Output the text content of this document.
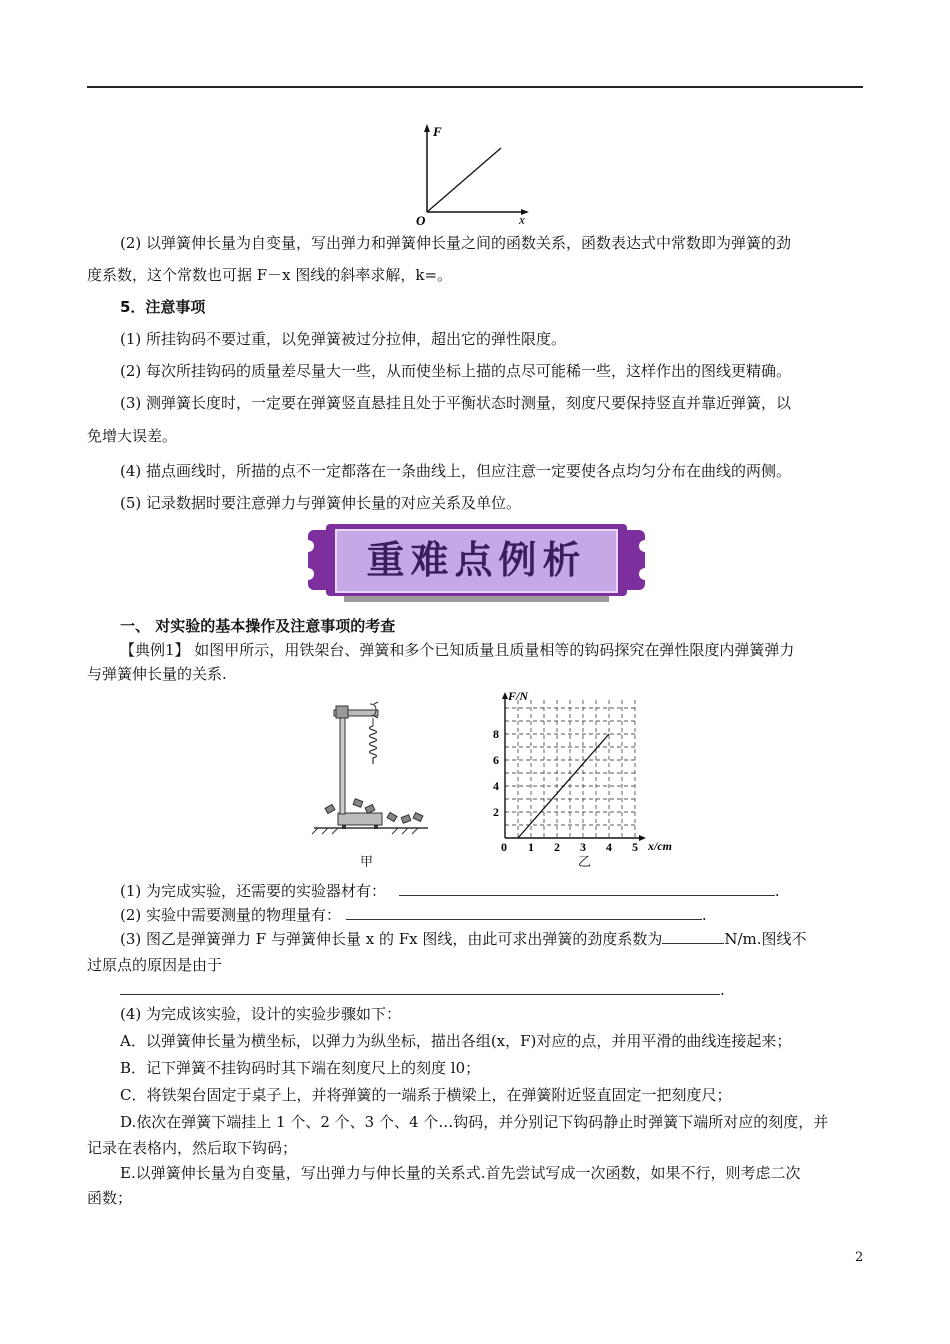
F
x
O
(2) 以弹簧伸长量为自变量，写出弹力和弹簧伸长量之间的函数关系，函数表达式中常数即为弹簧的劲
度系数，这个常数也可据 F－x 图线的斜率求解，k=。
5．注意事项
(1) 所挂钩码不要过重，以免弹簧被过分拉伸，超出它的弹性限度。
(2) 每次所挂钩码的质量差尽量大一些，从而使坐标上描的点尽可能稀一些，这样作出的图线更精确。
(3) 测弹簧长度时，一定要在弹簧竖直悬挂且处于平衡状态时测量，刻度尺要保持竖直并靠近弹簧，以
免增大误差。
(4) 描点画线时，所描的点不一定都落在一条曲线上，但应注意一定要使各点均匀分布在曲线的两侧。
(5) 记录数据时要注意弹力与弹簧伸长量的对应关系及单位。
重难点例析
一、 对实验的基本操作及注意事项的考查
【典例1】 如图甲所示，用铁架台、弹簧和多个已知质量且质量相等的钩码探究在弹性限度内弹簧弹力
与弹簧伸长量的关系.
甲
F/N
x/cm
2
4
6
8
0 1 2 3 4 5
乙
(1) 为完成实验，还需要的实验器材有：	.
(2) 实验中需要测量的物理量有：	.
(3) 图乙是弹簧弹力 F 与弹簧伸长量 x 的 Fx 图线，由此可求出弹簧的劲度系数为	N/m.图线不
过原点的原因是由于
.
(4) 为完成该实验，设计的实验步骤如下：
A．以弹簧伸长量为横坐标，以弹力为纵坐标，描出各组(x，F)对应的点，并用平滑的曲线连接起来；
B．记下弹簧不挂钩码时其下端在刻度尺上的刻度 l0；
C．将铁架台固定于桌子上，并将弹簧的一端系于横梁上，在弹簧附近竖直固定一把刻度尺；
D.依次在弹簧下端挂上 1 个、2 个、3 个、4 个…钩码，并分别记下钩码静止时弹簧下端所对应的刻度，并
记录在表格内，然后取下钩码；
E.以弹簧伸长量为自变量，写出弹力与伸长量的关系式.首先尝试写成一次函数，如果不行，则考虑二次
函数；
2
